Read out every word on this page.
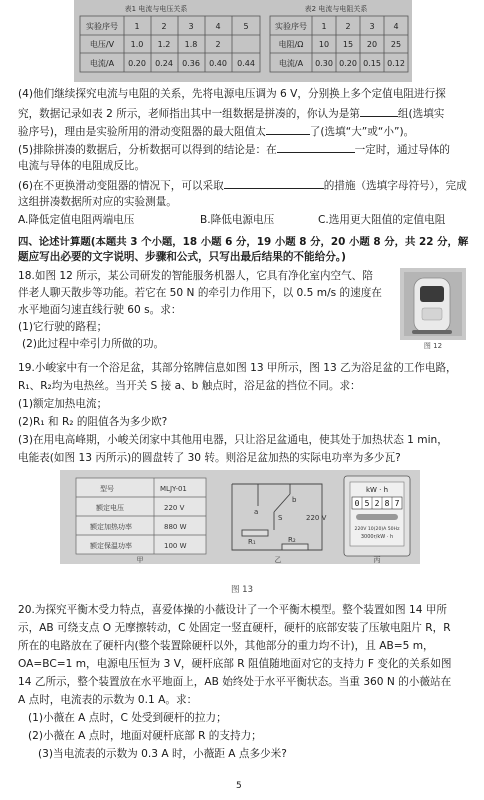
表1 电流与电压关系
实验序号 1	2	3	4	5
电压/V 1.0 1.2 1.8 2
电流/A 0.20 0.24 0.36 0.40 0.44
表2 电流与电阻关系
实验序号 1 2 3 4
电阻/Ω 10 15 20 25
电流/A 0.30 0.20 0.15 0.12
(4)他们继续探究电流与电阻的关系，先将电源电压调为 6 V，分别换上多个定值电阻进行探
究，数据记录如表 2 所示，老师指出其中一组数据是拼凑的，你认为是第	组(选填实
验序号)，理由是实验所用的滑动变阻器的最大阻值太	了(选填“大”或“小”)。
(5)排除拼凑的数据后，分析数据可以得到的结论是：在	一定时，通过导体的
电流与导体的电阻成反比。
(6)在不更换滑动变阻器的情况下，可以采取	的措施（选填字母符号），完成
这组拼凑数据所对应的实验测量。
A.降低定值电阻两端电压	B.降低电源电压	C.选用更大阻值的定值电阻
四、论述计算题(本题共 3 个小题，18 小题 6 分，19 小题 8 分，20 小题 8 分，共 22 分，解
题应写出必要的文字说明、步骤和公式，只写出最后结果的不能给分。)
18.如图 12 所示，某公司研发的智能服务机器人，它具有净化室内空气、陪
伴老人聊天散步等功能。若它在 50 N 的牵引力作用下，以 0.5 m/s 的速度在
水平地面匀速直线行驶 60 s。求：
(1)它行驶的路程；
(2)此过程中牵引力所做的功。	图 12
19.小峻家中有一个浴足盆，其部分铭牌信息如图 13 甲所示，图 13 乙为浴足盆的工作电路，
R₁、R₂均为电热丝。当开关 S 接 a、b 触点时，浴足盆的挡位不同。求：
(1)额定加热电流；
(2)R₁ 和 R₂ 的阻值各为多少欧?
(3)在用电高峰期，小峻关闭家中其他用电器，只让浴足盆通电，使其处于加热状态 1 min，
电能表(如图 13 丙所示)的圆盘转了 30 转。则浴足盆加热的实际电功率为多少瓦?
型号	MLJY-01
额定电压	220 V
额定加热功率	880 W
额定保温功率	100 W
甲
a
b
S
R₁	R₂
220 V
乙
kW · h
0 5 2 8 7
220V 10(20)A 50Hz
3000r/kW · h
丙
图 13
20.为探究平衡木受力特点，喜爱体操的小薇设计了一个平衡木模型。整个装置如图 14 甲所
示，AB 可绕支点 O 无摩擦转动，C 处固定一竖直硬杆，硬杆的底部安装了压敏电阻片 R，R
所在的电路放在了硬杆内(整个装置除硬杆以外，其他部分的重力均不计)，且 AB=5 m，
OA=BC=1 m，电源电压恒为 3 V，硬杆底部 R 阻值随地面对它的支持力 F 变化的关系如图
14 乙所示，整个装置放在水平地面上，AB 始终处于水平平衡状态。当重 360 N 的小薇站在
A 点时，电流表的示数为 0.1 A。求：
(1)小薇在 A 点时，C 处受到硬杆的拉力；
(2)小薇在 A 点时，地面对硬杆底部 R 的支持力；
(3)当电流表的示数为 0.3 A 时，小薇距 A 点多少米?
5
